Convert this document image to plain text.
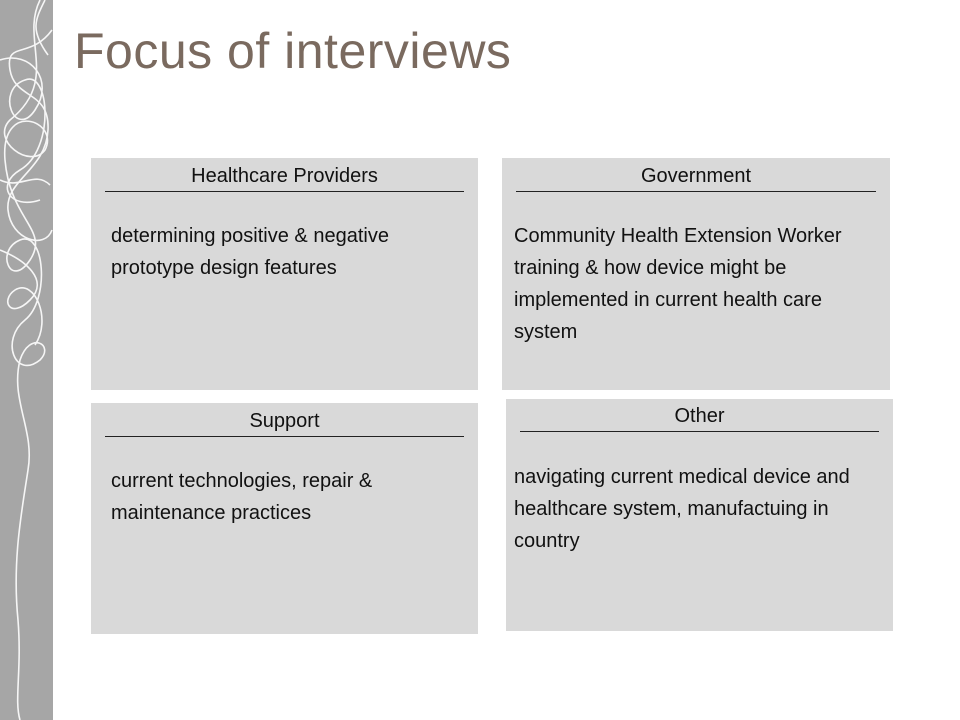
Focus of interviews
Healthcare Providers
determining positive & negative prototype design features
Government
Community Health Extension Worker training & how device might be implemented in current health care system
Support
current technologies, repair & maintenance practices
Other
navigating current medical device and healthcare system, manufactuing in country
